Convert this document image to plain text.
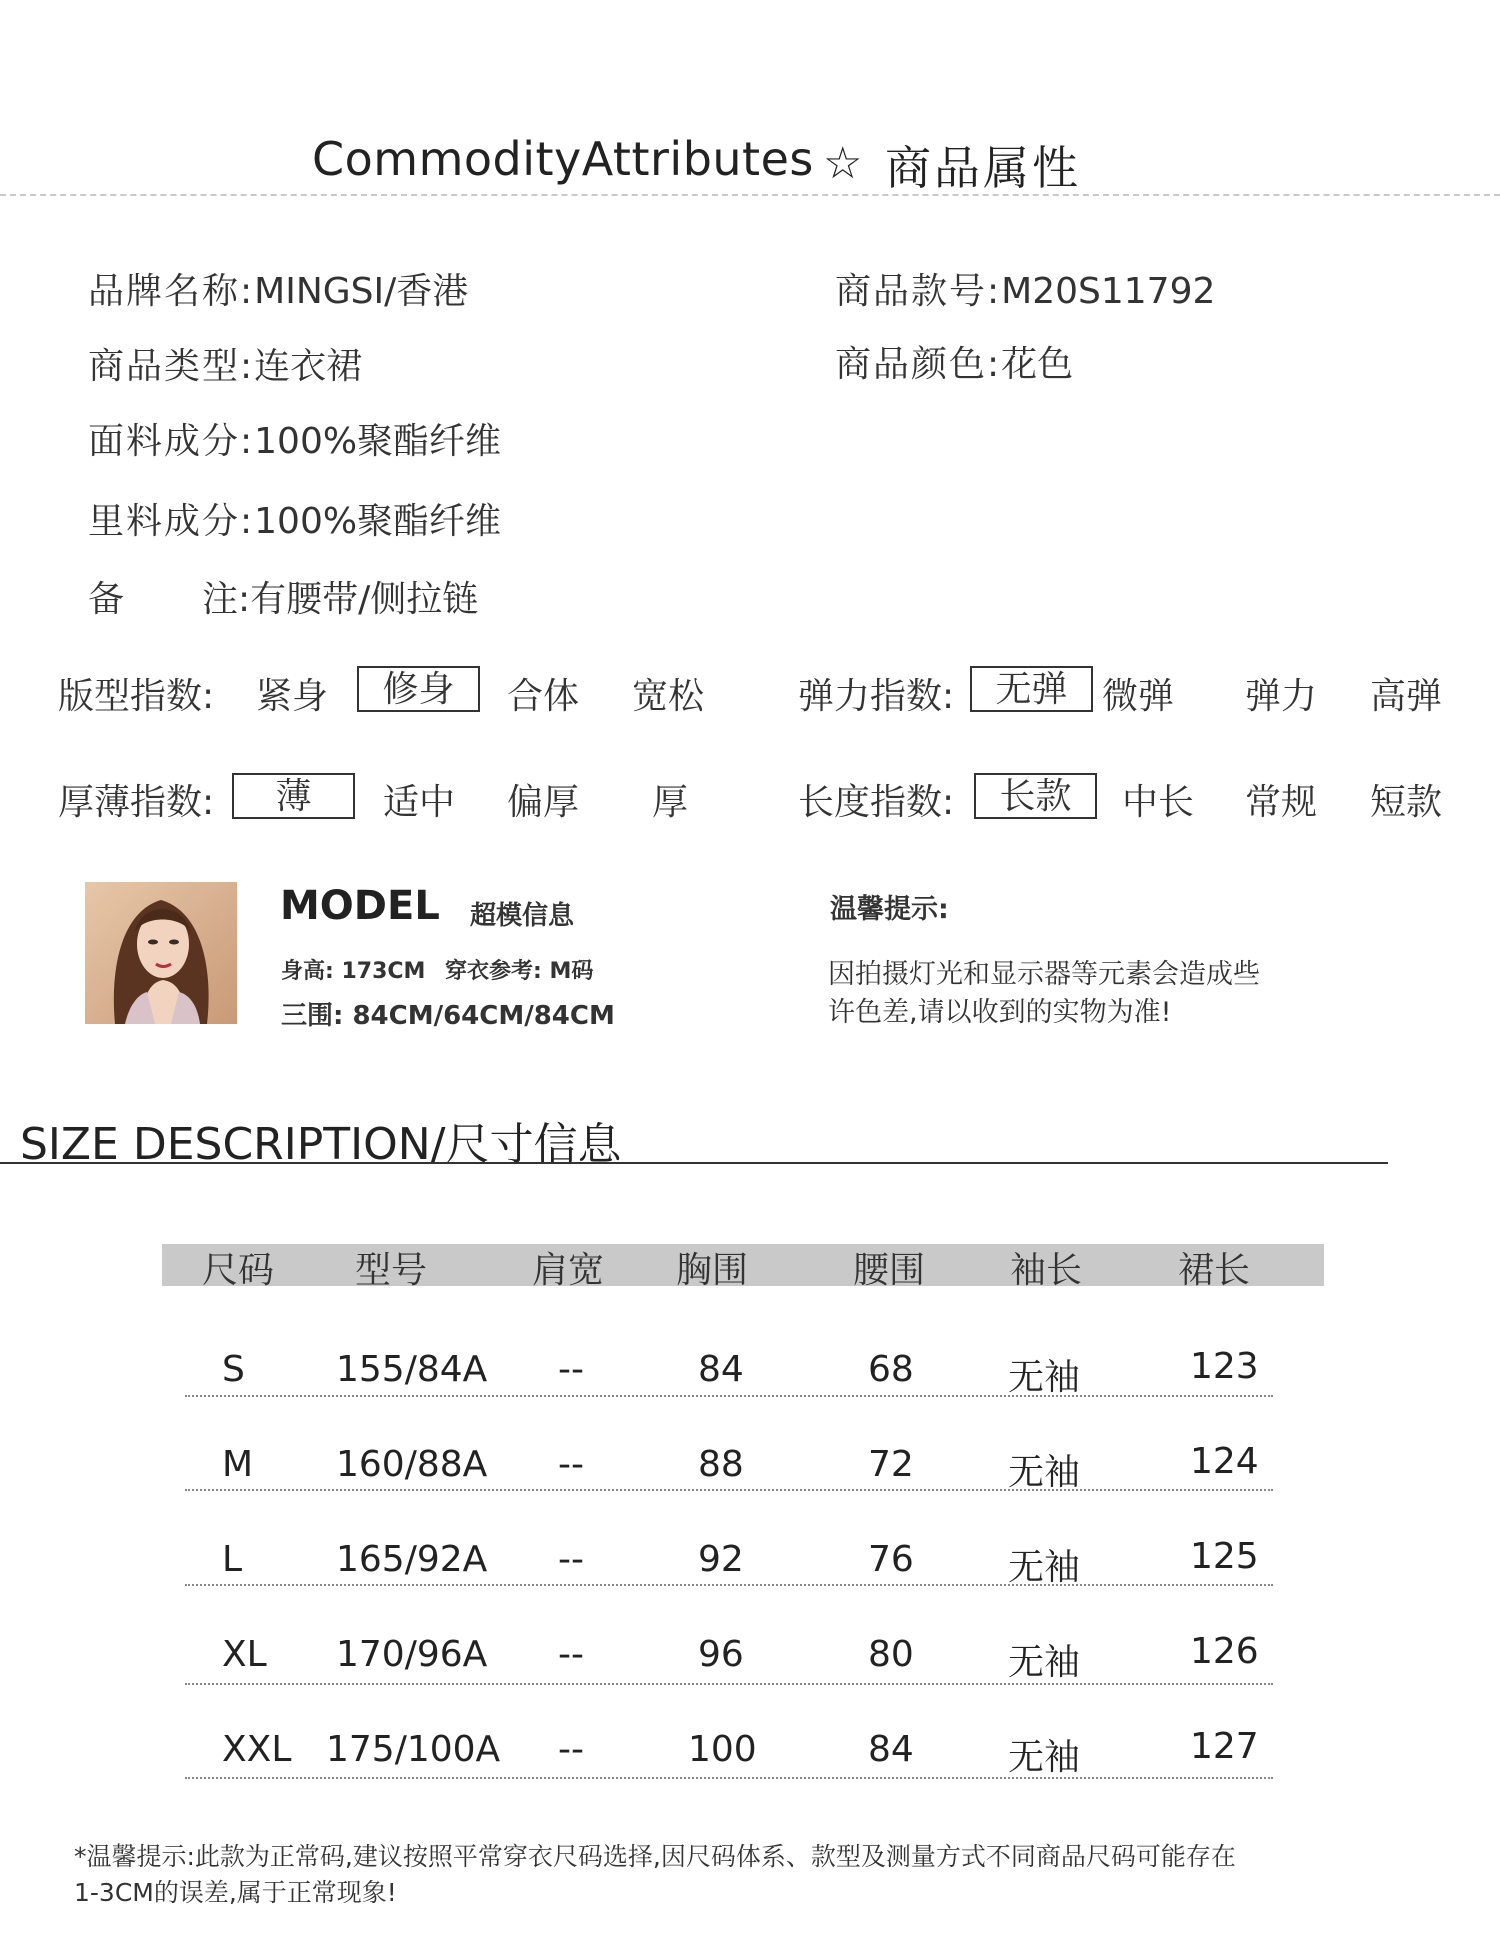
CommodityAttributes ☆ 商品属性
品牌名称:MINGSI/香港	商品款号:M20S11792
商品类型:连衣裙	商品颜色:花色
面料成分:100%聚酯纤维
里料成分:100%聚酯纤维
备 注:有腰带/侧拉链
版型指数: 紧身	修身	合体 宽松	弹力指数:	无弹 微弹 弹力 高弹
厚薄指数:	薄	适中 偏厚 厚	长度指数:	长款	中长 常规 短款
MODEL 超模信息
身高: 173CM 穿衣参考: M码
三围: 84CM/64CM/84CM
温馨提示:
因拍摄灯光和显示器等元素会造成些
许色差,请以收到的实物为准!
SIZE DESCRIPTION/尺寸信息
尺码 型号	肩宽 胸围	腰围 袖长	裙长
S	155/84A --	84	68	无袖	123
M 160/88A --	88	72	无袖	124
L	165/92A --	92	76	无袖	125
XL 170/96A --	96	80	无袖	126
XXL 175/100A --	100	84	无袖	127
*温馨提示:此款为正常码,建议按照平常穿衣尺码选择,因尺码体系、款型及测量方式不同商品尺码可能存在
1-3CM的误差,属于正常现象!
